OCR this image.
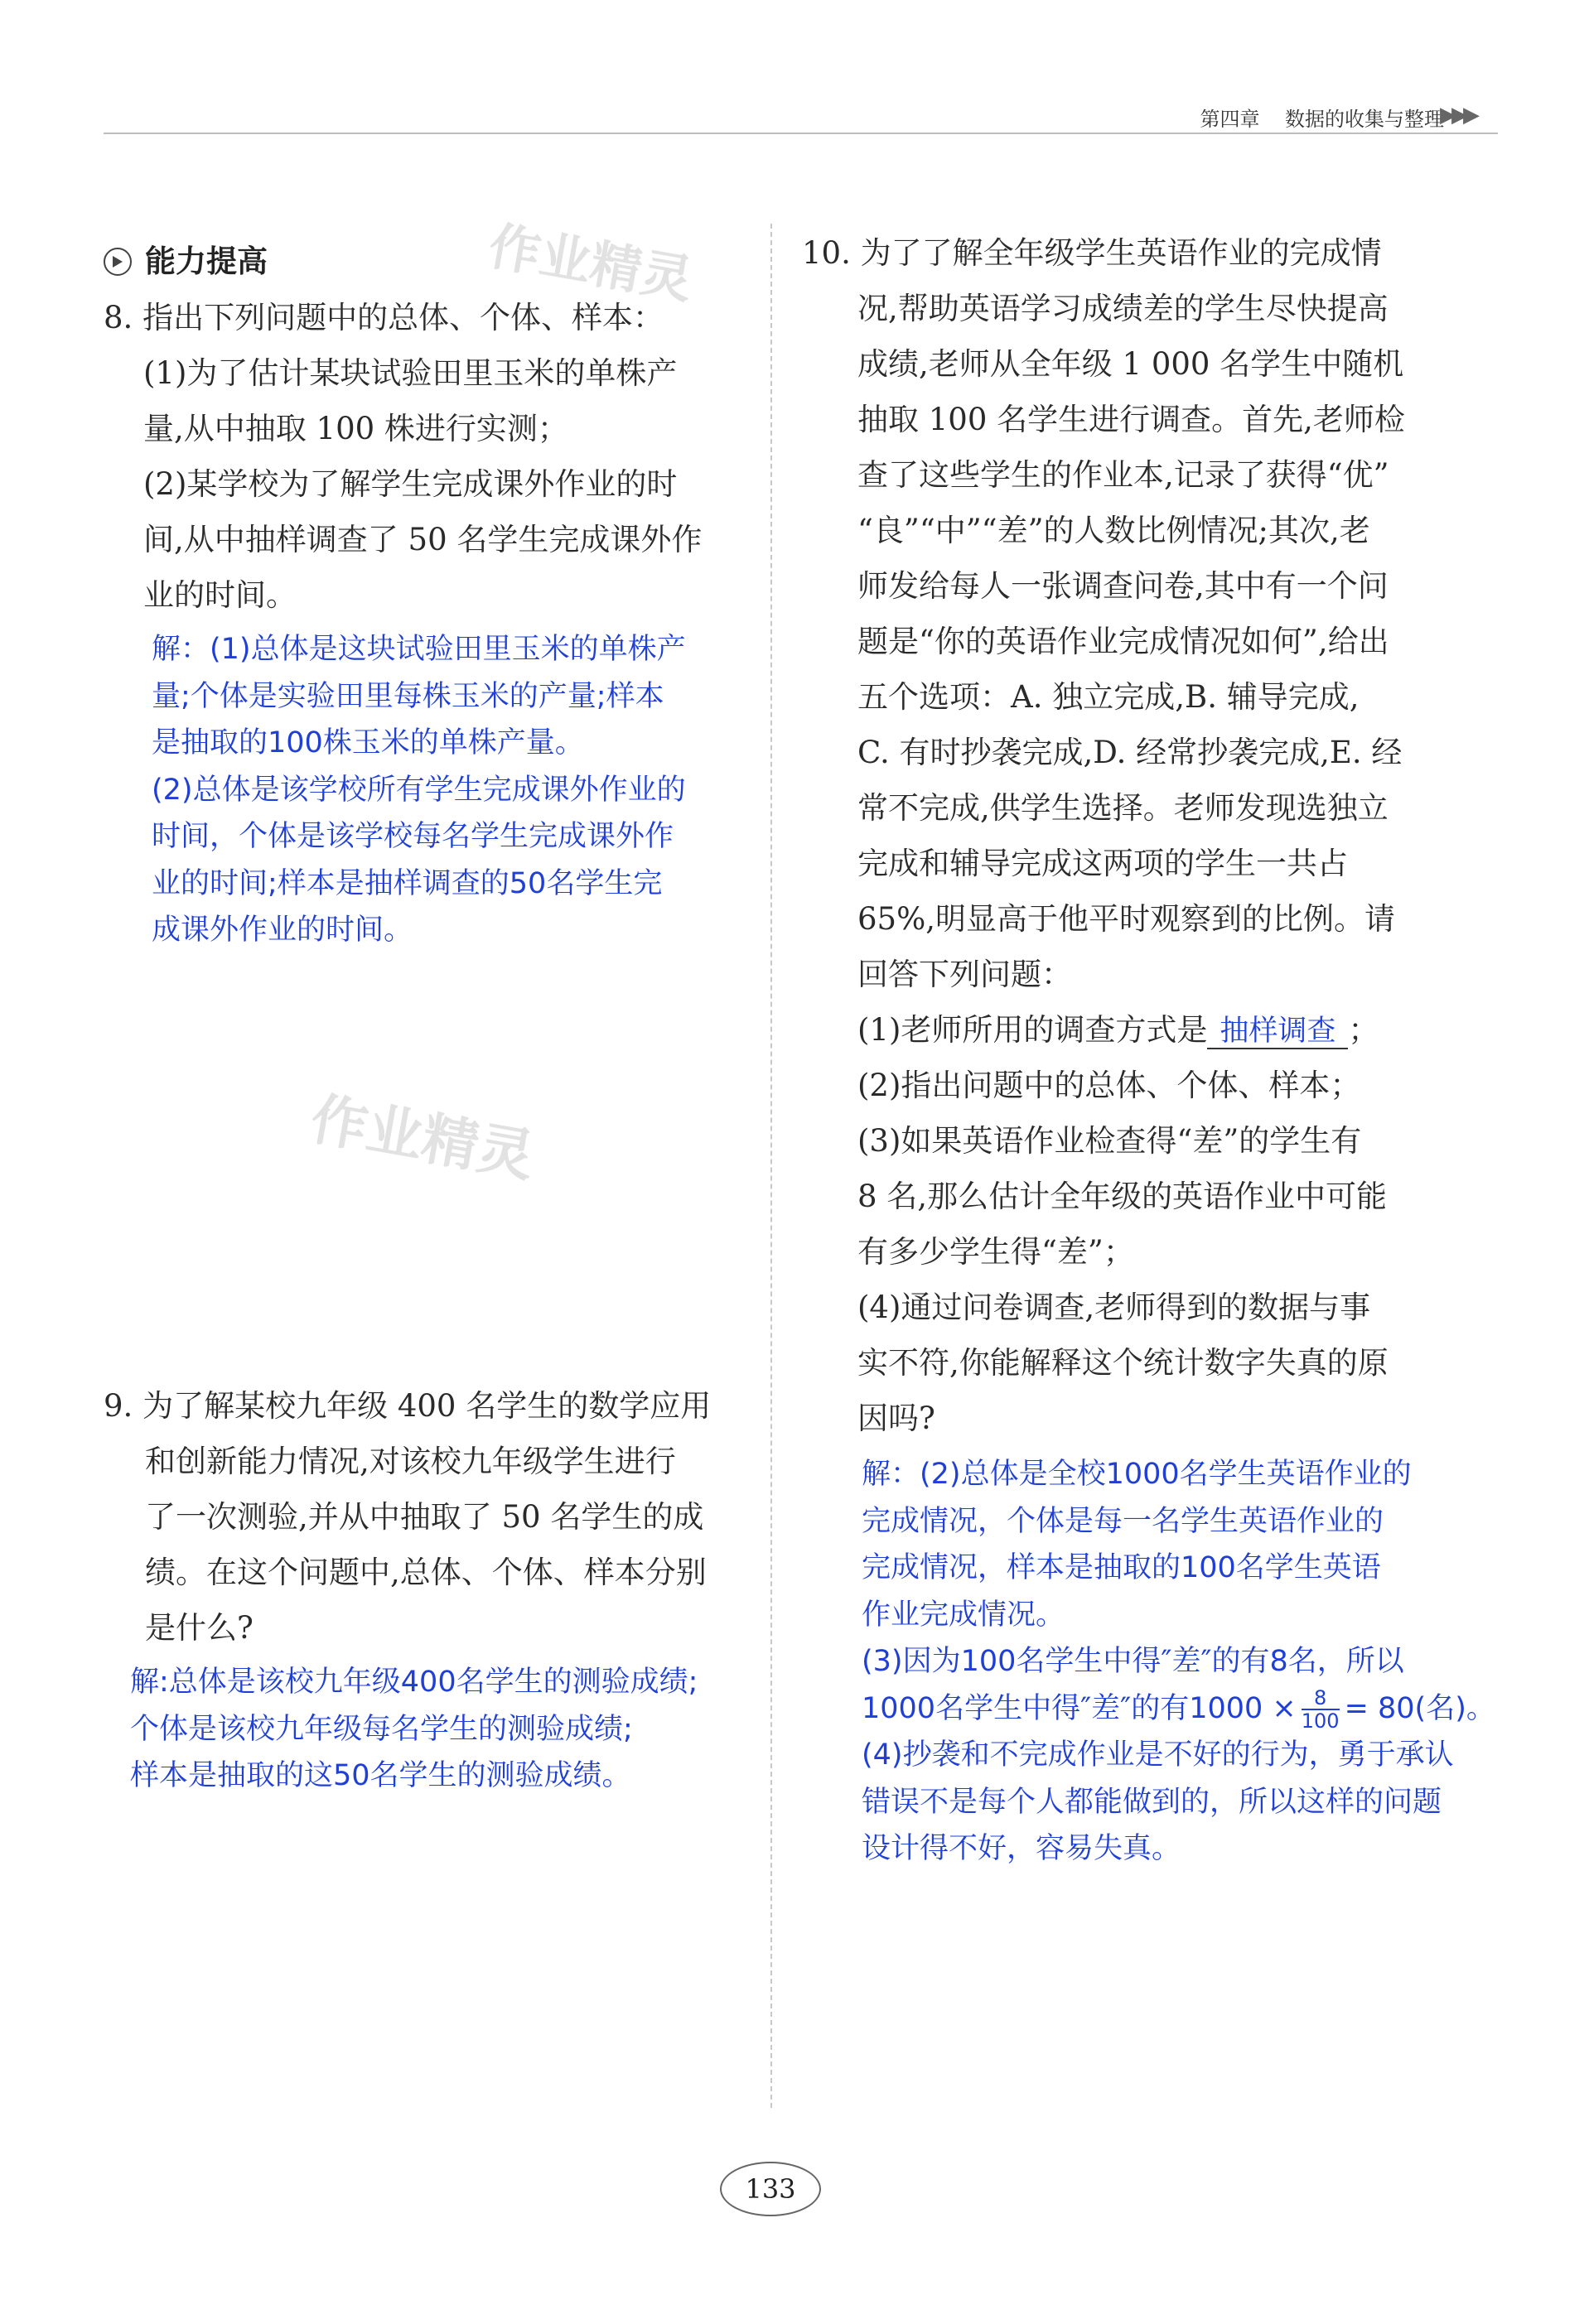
第四章 数据的收集与整理
▶▶▶
作业精灵
作业精灵
能力提高
8. 指出下列问题中的总体、个体、样本：
(1)为了估计某块试验田里玉米的单株产
量,从中抽取 100 株进行实测；
(2)某学校为了解学生完成课外作业的时
间,从中抽样调查了 50 名学生完成课外作
业的时间。
解：(1)总体是这块试验田里玉米的单株产
量;个体是实验田里每株玉米的产量;样本
是抽取的100株玉米的单株产量。
(2)总体是该学校所有学生完成课外作业的
时间，个体是该学校每名学生完成课外作
业的时间;样本是抽样调查的50名学生完
成课外作业的时间。
9. 为了解某校九年级 400 名学生的数学应用
和创新能力情况,对该校九年级学生进行
了一次测验,并从中抽取了 50 名学生的成
绩。在这个问题中,总体、个体、样本分别
是什么?
解:总体是该校九年级400名学生的测验成绩;
个体是该校九年级每名学生的测验成绩;
样本是抽取的这50名学生的测验成绩。
10. 为了了解全年级学生英语作业的完成情
况,帮助英语学习成绩差的学生尽快提高
成绩,老师从全年级 1 000 名学生中随机
抽取 100 名学生进行调查。首先,老师检
查了这些学生的作业本,记录了获得“优”
“良”“中”“差”的人数比例情况;其次,老
师发给每人一张调查问卷,其中有一个问
题是“你的英语作业完成情况如何”,给出
五个选项：A. 独立完成,B. 辅导完成,
C. 有时抄袭完成,D. 经常抄袭完成,E. 经
常不完成,供学生选择。老师发现选独立
完成和辅导完成这两项的学生一共占
65%,明显高于他平时观察到的比例。请
回答下列问题：
(1)老师所用的调查方式是 抽样调查 ；
(2)指出问题中的总体、个体、样本；
(3)如果英语作业检查得“差”的学生有
8 名,那么估计全年级的英语作业中可能
有多少学生得“差”；
(4)通过问卷调查,老师得到的数据与事
实不符,你能解释这个统计数字失真的原
因吗?
解：(2)总体是全校1000名学生英语作业的
完成情况，个体是每一名学生英语作业的
完成情况，样本是抽取的100名学生英语
作业完成情况。
(3)因为100名学生中得″差″的有8名，所以
1000名学生中得″差″的有$1000 \times \frac{8}{100} = 80$(名)。
(4)抄袭和不完成作业是不好的行为，勇于承认
错误不是每个人都能做到的，所以这样的问题
设计得不好，容易失真。
133
